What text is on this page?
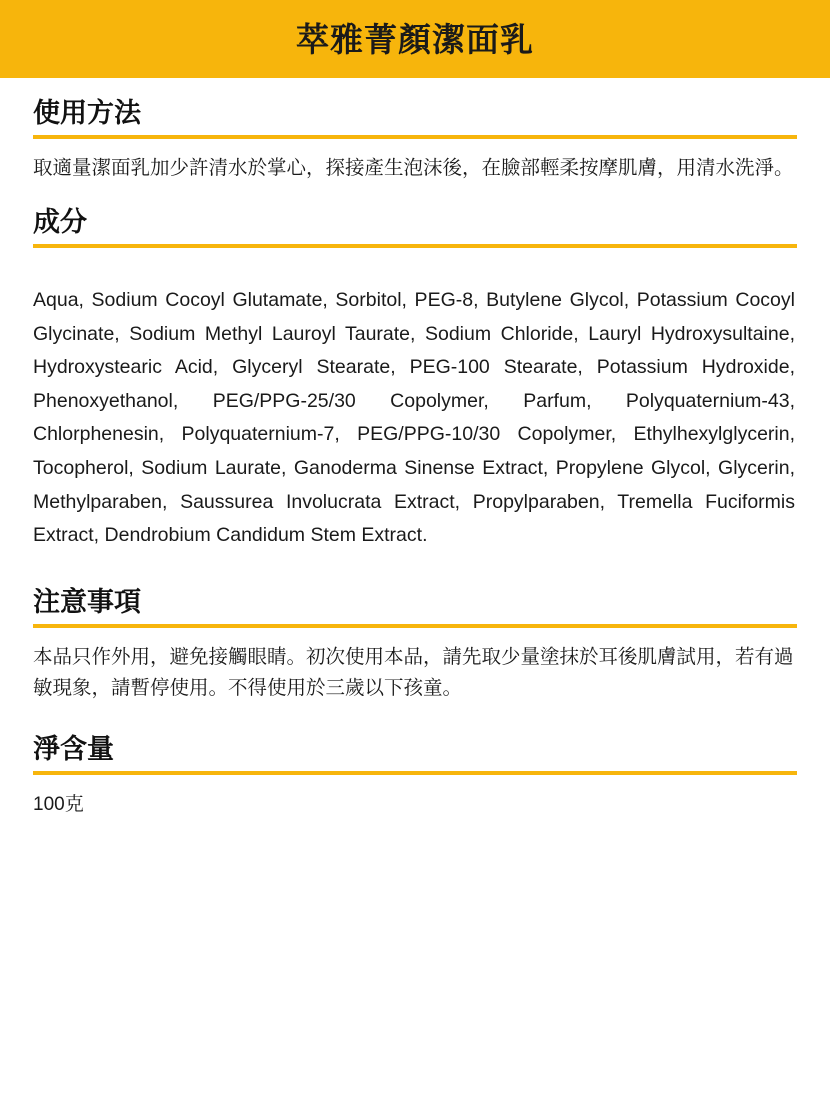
萃雅菁顏潔面乳
使用方法

取適量潔面乳加少許清水於掌心，探接產生泡沫後，在臉部輕柔按摩肌膚，用清水洗淨。

成分

Aqua, Sodium Cocoyl Glutamate, Sorbitol, PEG-8, Butylene Glycol, Potassium Cocoyl Glycinate, Sodium Methyl Lauroyl Taurate, Sodium Chloride, Lauryl Hydroxysultaine, Hydroxystearic Acid, Glyceryl Stearate, PEG-100 Stearate, Potassium Hydroxide, Phenoxyethanol, PEG/PPG-25/30 Copolymer, Parfum, Polyquaternium-43, Chlorphenesin, Polyquaternium-7, PEG/PPG-10/30 Copolymer, Ethylhexylglycerin, Tocopherol, Sodium Laurate, Ganoderma Sinense Extract, Propylene Glycol, Glycerin, Methylparaben, Saussurea Involucrata Extract, Propylparaben, Tremella Fuciformis Extract, Dendrobium Candidum Stem Extract.

注意事項

本品只作外用，避免接觸眼睛。初次使用本品，請先取少量塗抹於耳後肌膚試用，若有過敏現象，請暫停使用。不得使用於三歲以下孩童。

淨含量

100克
